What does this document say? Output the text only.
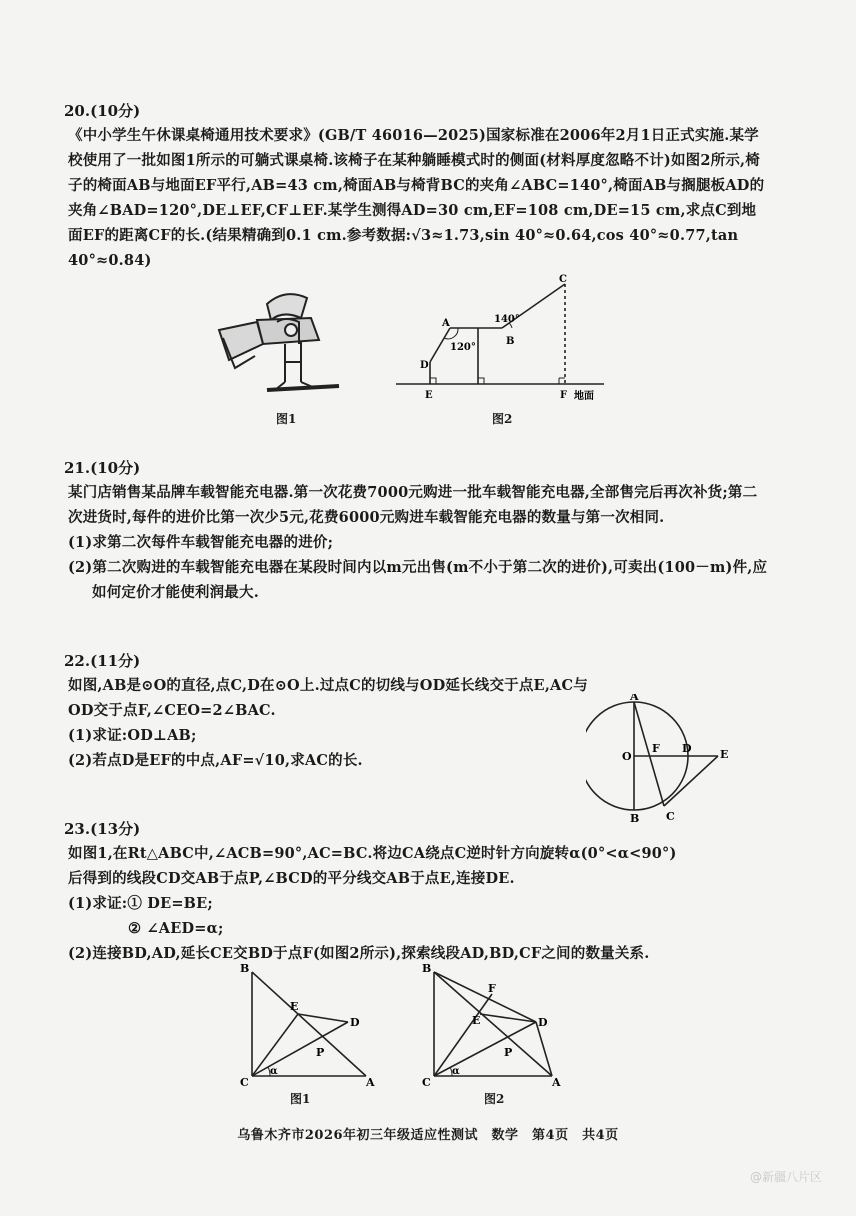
20.(10分)
《中小学生午休课桌椅通用技术要求》(GB/T 46016—2025)国家标准在2006年2月1日正式实施.某学校使用了一批如图1所示的可躺式课桌椅.该椅子在某种躺睡模式时的侧面(材料厚度忽略不计)如图2所示,椅子的椅面AB与地面EF平行,AB=43 cm,椅面AB与椅背BC的夹角∠ABC=140°,椅面AB与搁腿板AD的夹角∠BAD=120°,DE⊥EF,CF⊥EF.某学生测得AD=30 cm,EF=108 cm,DE=15 cm,求点C到地面EF的距离CF的长.(结果精确到0.1 cm.参考数据:√3≈1.73,sin 40°≈0.64,cos 40°≈0.77,tan 40°≈0.84)
图1
A
B
C
D
E	F
120°
140°
地面
图2
21.(10分)
某门店销售某品牌车载智能充电器.第一次花费7000元购进一批车载智能充电器,全部售完后再次补货;第二次进货时,每件的进价比第一次少5元,花费6000元购进车载智能充电器的数量与第一次相同.
(1)求第二次每件车载智能充电器的进价;
(2)第二次购进的车载智能充电器在某段时间内以m元出售(m不小于第二次的进价),可卖出(100－m)件,应如何定价才能使利润最大.
22.(11分)
如图,AB是⊙O的直径,点C,D在⊙O上.过点C的切线与OD延长线交于点E,AC与
OD交于点F,∠CEO=2∠BAC.
(1)求证:OD⊥AB;
(2)若点D是EF的中点,AF=√10,求AC的长.
A
B
O
F D	E
C
23.(13分)
如图1,在Rt△ABC中,∠ACB=90°,AC=BC.将边CA绕点C逆时针方向旋转α(0°<α<90°)
后得到的线段CD交AB于点P,∠BCD的平分线交AB于点E,连接DE.
(1)求证:① DE=BE;
② ∠AED=α;
(2)连接BD,AD,延长CE交BD于点F(如图2所示),探索线段AD,BD,CF之间的数量关系.
B
C	A
D
E
P
α
图1
B
C	A
D
E
F
P
α
图2
乌鲁木齐市2026年初三年级适应性测试　数学　第4页　共4页
@新疆八片区
